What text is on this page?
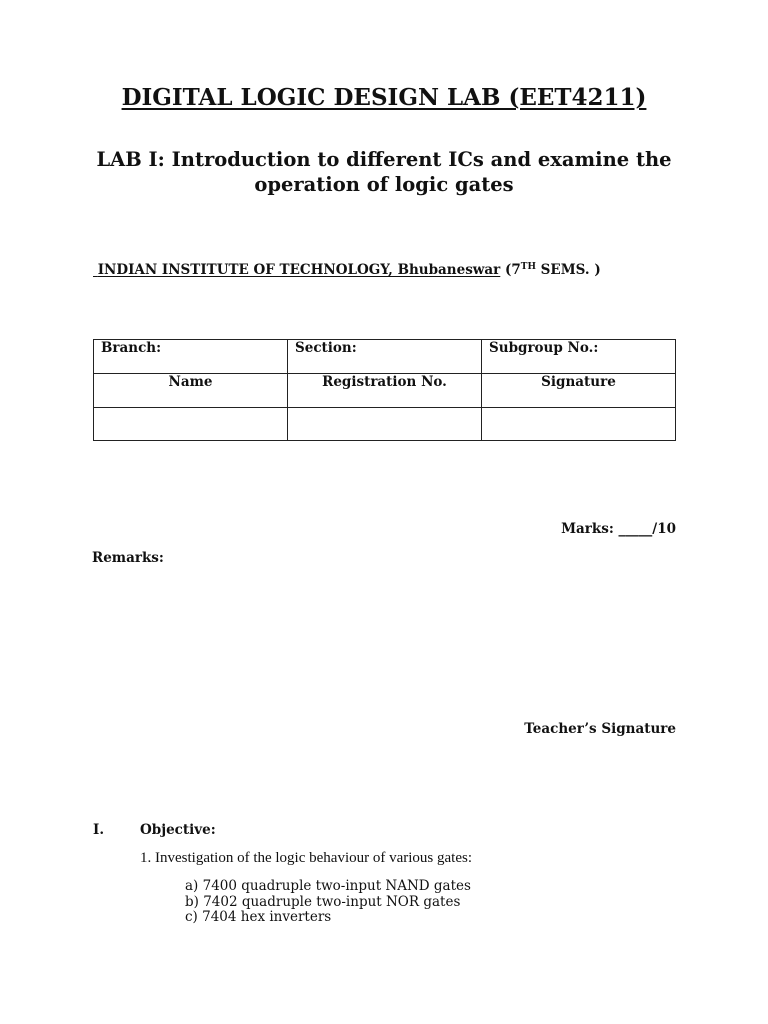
DIGITAL LOGIC DESIGN LAB (EET4211)
LAB I: Introduction to different ICs and examine the operation of logic gates
INDIAN INSTITUTE OF TECHNOLOGY, Bhubaneswar (7TH SEMS. )
Branch:	Section:	Subgroup No.:
Name	Registration No.	Signature

Marks: _____/10
Remarks:
Teacher’s Signature
I.	Objective:
1. Investigation of the logic behaviour of various gates:
a) 7400 quadruple two-input NAND gates
b) 7402 quadruple two-input NOR gates
c) 7404 hex inverters
